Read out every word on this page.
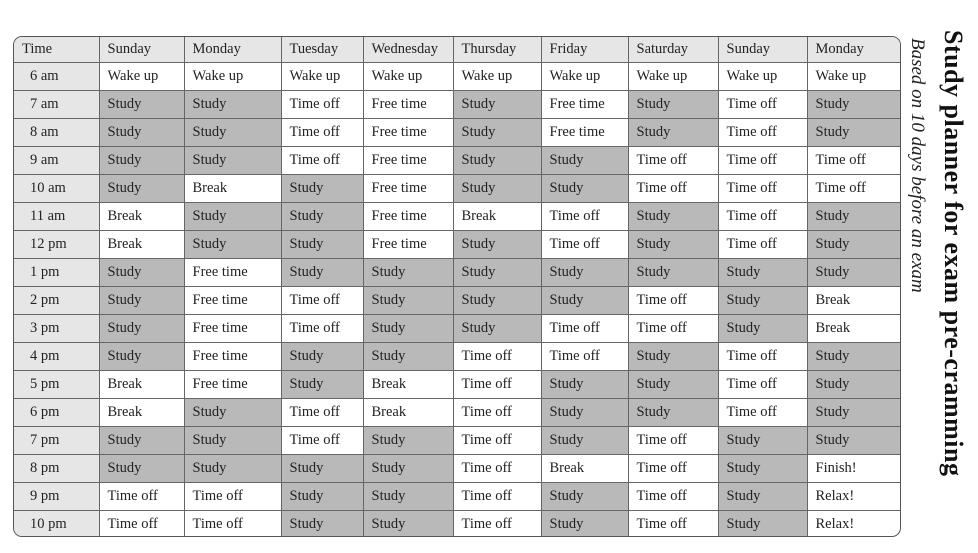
Time	Sunday	Monday	Tuesday	Wednesday	Thursday	Friday	Saturday	Sunday	Monday
6 am	Wake up	Wake up	Wake up	Wake up	Wake up	Wake up	Wake up	Wake up	Wake up
7 am	Study	Study	Time off	Free time	Study	Free time	Study	Time off	Study
8 am	Study	Study	Time off	Free time	Study	Free time	Study	Time off	Study
9 am	Study	Study	Time off	Free time	Study	Study	Time off	Time off	Time off
10 am	Study	Break	Study	Free time	Study	Study	Time off	Time off	Time off
11 am	Break	Study	Study	Free time	Break	Time off	Study	Time off	Study
12 pm	Break	Study	Study	Free time	Study	Time off	Study	Time off	Study
1 pm	Study	Free time	Study	Study	Study	Study	Study	Study	Study
2 pm	Study	Free time	Time off	Study	Study	Study	Time off	Study	Break
3 pm	Study	Free time	Time off	Study	Study	Time off	Time off	Study	Break
4 pm	Study	Free time	Study	Study	Time off	Time off	Study	Time off	Study
5 pm	Break	Free time	Study	Break	Time off	Study	Study	Time off	Study
6 pm	Break	Study	Time off	Break	Time off	Study	Study	Time off	Study
7 pm	Study	Study	Time off	Study	Time off	Study	Time off	Study	Study
8 pm	Study	Study	Study	Study	Time off	Break	Time off	Study	Finish!
9 pm	Time off	Time off	Study	Study	Time off	Study	Time off	Study	Relax!
10 pm	Time off	Time off	Study	Study	Time off	Study	Time off	Study	Relax!
Study planner for exam pre-cramming
Based on 10 days before an exam
